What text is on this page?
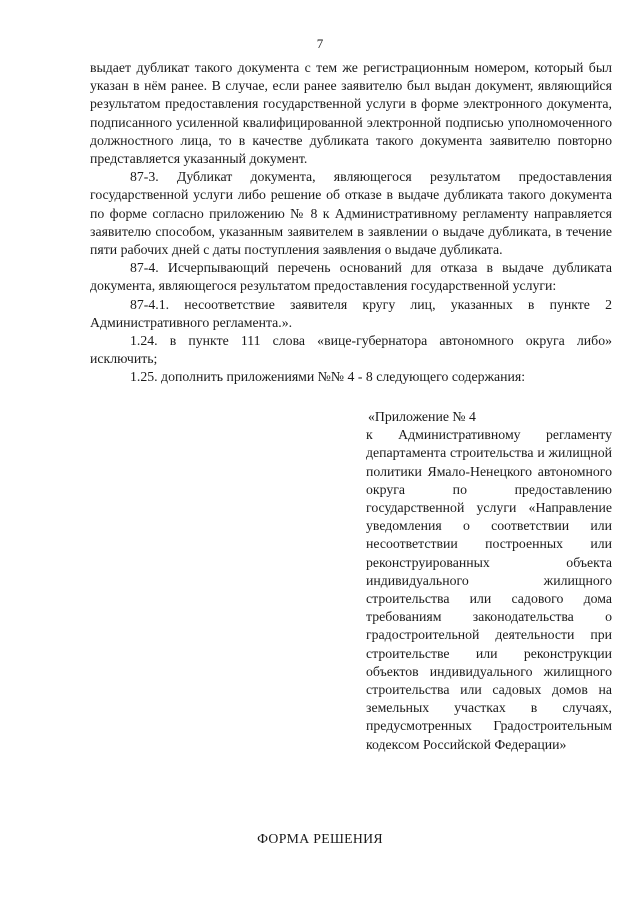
7

выдает дубликат такого документа с тем же регистрационным номером, который был указан в нём ранее. В случае, если ранее заявителю был выдан документ, являющийся результатом предоставления государственной услуги в форме электронного документа, подписанного усиленной квалифицированной электронной подписью уполномоченного должностного лица, то в качестве дубликата такого документа заявителю повторно представляется указанный документ.

87-3. Дубликат документа, являющегося результатом предоставления государственной услуги либо решение об отказе в выдаче дубликата такого документа по форме согласно приложению № 8 к Административному регламенту направляется заявителю способом, указанным заявителем в заявлении о выдаче дубликата, в течение пяти рабочих дней с даты поступления заявления о выдаче дубликата.

87-4. Исчерпывающий перечень оснований для отказа в выдаче дубликата документа, являющегося результатом предоставления государственной услуги:

87-4.1. несоответствие заявителя кругу лиц, указанных в пункте 2 Административного регламента.».

1.24. в пункте 111 слова «вице-губернатора автономного округа либо» исключить;

1.25. дополнить приложениями №№ 4 - 8 следующего содержания:

«Приложение № 4

к Административному регламенту департамента строительства и жилищной политики Ямало-Ненецкого автономного округа по предоставлению государственной услуги «Направление уведомления о соответствии или несоответствии построенных или реконструированных объекта индивидуального жилищного строительства или садового дома требованиям законодательства о градостроительной деятельности при строительстве или реконструкции объектов индивидуального жилищного строительства или садовых домов на земельных участках в случаях, предусмотренных Градостроительным кодексом Российской Федерации»

ФОРМА РЕШЕНИЯ
